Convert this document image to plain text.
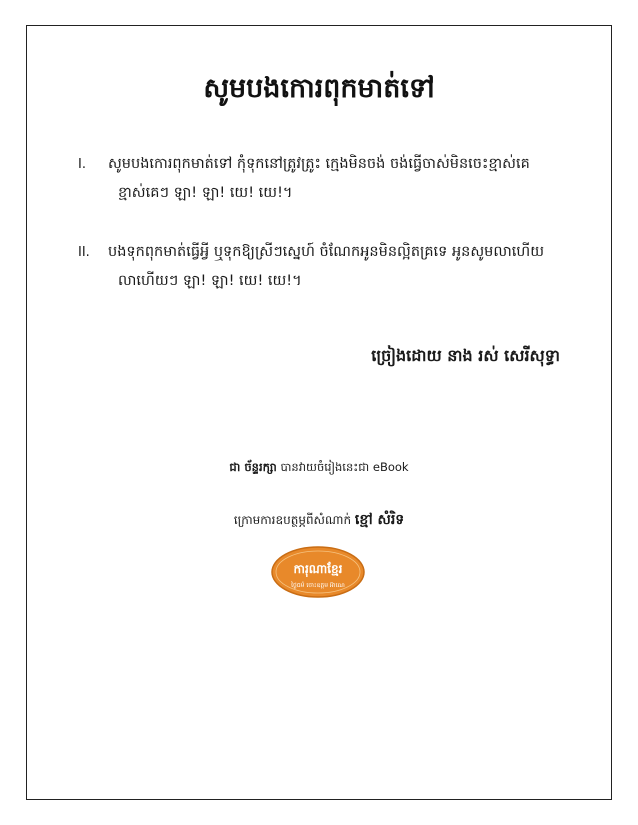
សូមបងកោរពុកមាត់ទៅ
I.	សូមបងកោរពុកមាត់ទៅ កុំទុកនៅត្រូវត្រូះ ក្មេងមិនចង់ ចង់ធ្វើចាស់មិនចេះខ្មាស់គេ
ខ្មាស់គេៗ ឡា! ឡា! យេ! យេ!។
II.	បងទុកពុកមាត់ធ្វើអ្វី ឬទុកឱ្យស្រីៗស្នេហ៍ ចំណែកអូនមិនល្អិតគ្រទេ អូនសូមលាហើយ
លាហើយៗ ឡា! ឡា! យេ! យេ!។
ច្រៀងដោយ នាង រស់ សេរីសុទ្ធា
ជា ច័ន្ទរក្សា បានវាយចំរៀងនេះជា eBook
ក្រោមការឧបត្ថម្ភពីសំណាក់ ខ្មៅ សំរិទ
ការុណាខ្មែរ
ថ្ងៃធម៌ ចោះឧត្តម អ៊ាណេ
